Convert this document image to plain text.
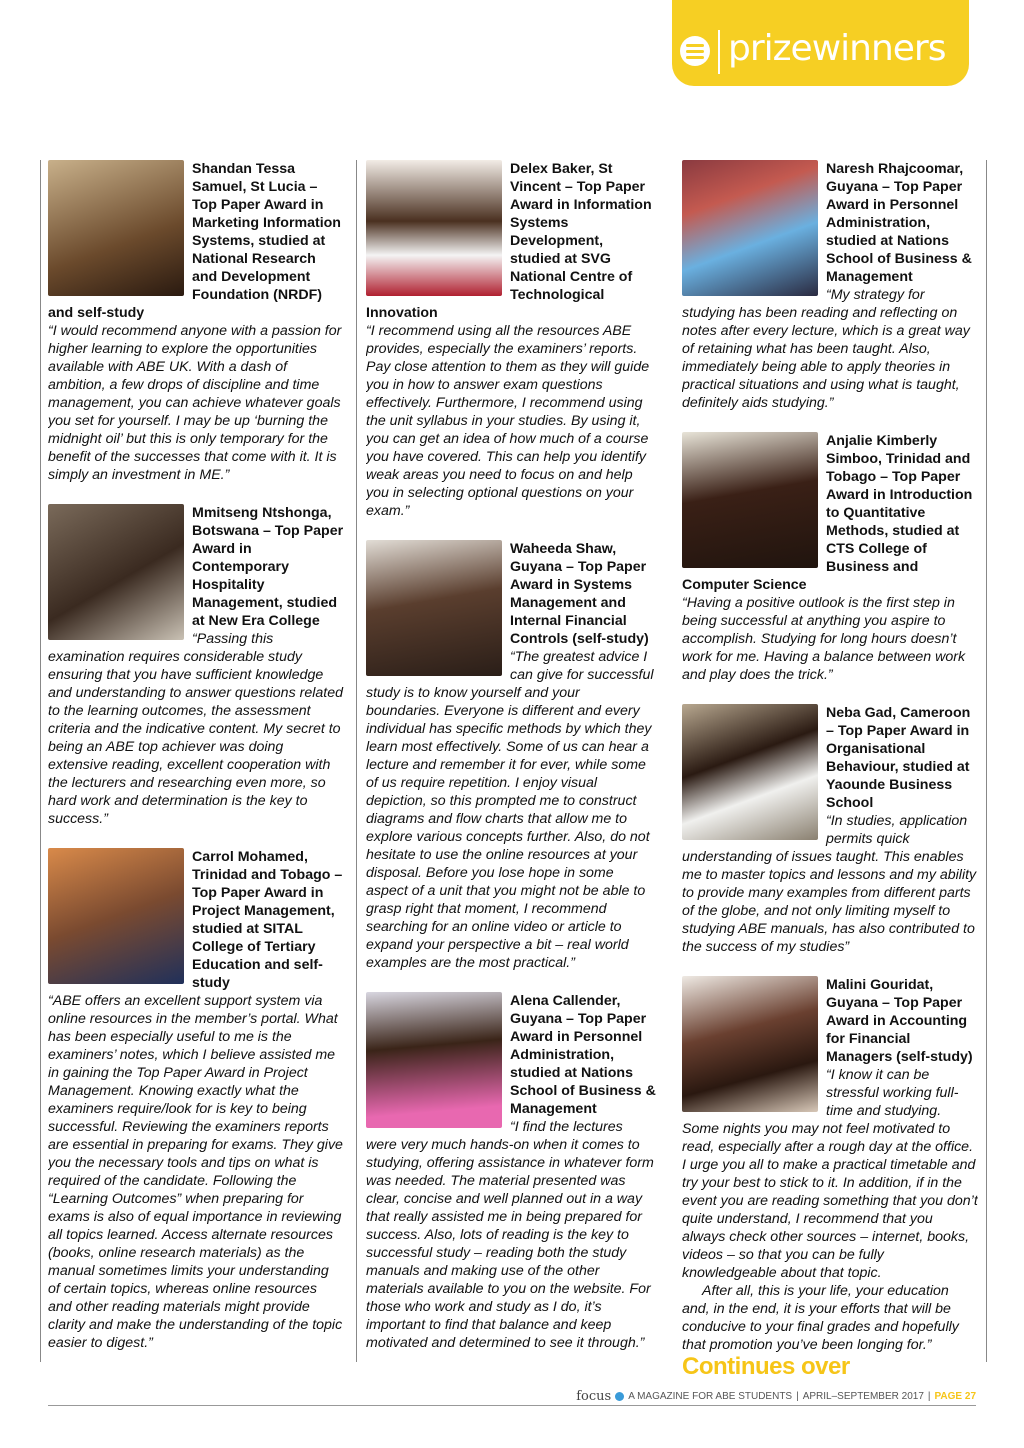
prizewinners
Shandan Tessa Samuel, St Lucia – Top Paper Award in Marketing Information Systems, studied at National Research and Development Foundation (NRDF) and self-study
“I would recommend anyone with a passion for higher learning to explore the opportunities available with ABE UK. With a dash of ambition, a few drops of discipline and time management, you can achieve whatever goals you set for yourself. I may be up ‘burning the midnight oil’ but this is only temporary for the benefit of the successes that come with it. It is simply an investment in ME.”
Mmitseng Ntshonga, Botswana – Top Paper Award in Contemporary Hospitality Management, studied at New Era College
“Passing this examination requires considerable study ensuring that you have sufficient knowledge and understanding to answer questions related to the learning outcomes, the assessment criteria and the indicative content. My secret to being an ABE top achiever was doing extensive reading, excellent cooperation with the lecturers and researching even more, so hard work and determination is the key to success.”
Carrol Mohamed, Trinidad and Tobago – Top Paper Award in Project Management, studied at SITAL College of Tertiary Education and self-study
“ABE offers an excellent support system via online resources in the member’s portal. What has been especially useful to me is the examiners’ notes, which I believe assisted me in gaining the Top Paper Award in Project Management. Knowing exactly what the examiners require/look for is key to being successful. Reviewing the examiners reports are essential in preparing for exams. They give you the necessary tools and tips on what is required of the candidate. Following the “Learning Outcomes” when preparing for exams is also of equal importance in reviewing all topics learned. Access alternate resources (books, online research materials) as the manual sometimes limits your understanding of certain topics, whereas online resources and other reading materials might provide clarity and make the understanding of the topic easier to digest.”
Delex Baker, St Vincent – Top Paper Award in Information Systems Development, studied at SVG National Centre of Technological Innovation
“I recommend using all the resources ABE provides, especially the examiners’ reports. Pay close attention to them as they will guide you in how to answer exam questions effectively. Furthermore, I recommend using the unit syllabus in your studies. By using it, you can get an idea of how much of a course you have covered. This can help you identify weak areas you need to focus on and help you in selecting optional questions on your exam.”
Waheeda Shaw, Guyana – Top Paper Award in Systems Management and Internal Financial Controls (self-study)
“The greatest advice I can give for successful study is to know yourself and your boundaries. Everyone is different and every individual has specific methods by which they learn most effectively. Some of us can hear a lecture and remember it for ever, while some of us require repetition. I enjoy visual depiction, so this prompted me to construct diagrams and flow charts that allow me to explore various concepts further. Also, do not hesitate to use the online resources at your disposal. Before you lose hope in some aspect of a unit that you might not be able to grasp right that moment, I recommend searching for an online video or article to expand your perspective a bit – real world examples are the most practical.”
Alena Callender, Guyana – Top Paper Award in Personnel Administration, studied at Nations School of Business & Management
“I find the lectures were very much hands-on when it comes to studying, offering assistance in whatever form was needed. The material presented was clear, concise and well planned out in a way that really assisted me in being prepared for success. Also, lots of reading is the key to successful study – reading both the study manuals and making use of the other materials available to you on the website. For those who work and study as I do, it’s important to find that balance and keep motivated and determined to see it through.”
Naresh Rhajcoomar, Guyana – Top Paper Award in Personnel Administration, studied at Nations School of Business & Management
“My strategy for studying has been reading and reflecting on notes after every lecture, which is a great way of retaining what has been taught. Also, immediately being able to apply theories in practical situations and using what is taught, definitely aids studying.”
Anjalie Kimberly Simboo, Trinidad and Tobago – Top Paper Award in Introduction to Quantitative Methods, studied at CTS College of Business and Computer Science
“Having a positive outlook is the first step in being successful at anything you aspire to accomplish. Studying for long hours doesn’t work for me. Having a balance between work and play does the trick.”
Neba Gad, Cameroon – Top Paper Award in Organisational Behaviour, studied at Yaounde Business School
“In studies, application permits quick understanding of issues taught. This enables me to master topics and lessons and my ability to provide many examples from different parts of the globe, and not only limiting myself to studying ABE manuals, has also contributed to the success of my studies”
Malini Gouridat, Guyana – Top Paper Award in Accounting for Financial Managers (self-study)

“I know it can be stressful working full-time and studying. Some nights you may not feel motivated to read, especially after a rough day at the office. I urge you all to make a practical timetable and try your best to stick to it. In addition, if in the event you are reading something that you don’t quite understand, I recommend that you always check other sources – internet, books, videos – so that you can be fully knowledgeable about that topic.

After all, this is your life, your education and, in the end, it is your efforts that will be conducive to your final grades and hopefully that promotion you’ve been longing for.”

Continues over
focus A MAGAZINE FOR ABE STUDENTS | APRIL–SEPTEMBER 2017 | PAGE 27
